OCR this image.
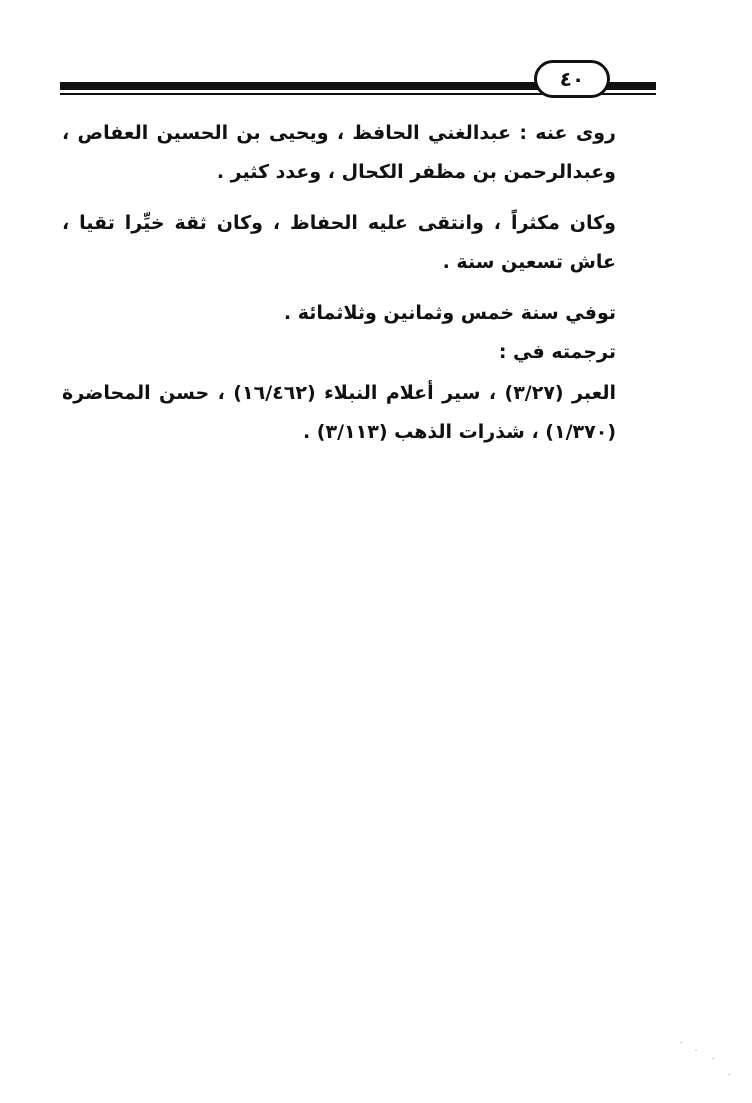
٤٠

روى عنه : عبدالغني الحافظ ، ويحيى بن الحسين العفاص ، وعبدالرحمن بن مظفر الكحال ، وعدد كثير .

وكان مكثراً ، وانتقى عليه الحفاظ ، وكان ثقة خيِّرا تقيا ، عاش تسعين سنة .

توفي سنة خمس وثمانين وثلاثمائة .

ترجمته في :

العبر (٣/٢٧) ، سير أعلام النبلاء (١٦/٤٦٢) ، حسن المحاضرة (١/٣٧٠) ، شذرات الذهب (٣/١١٣) .
